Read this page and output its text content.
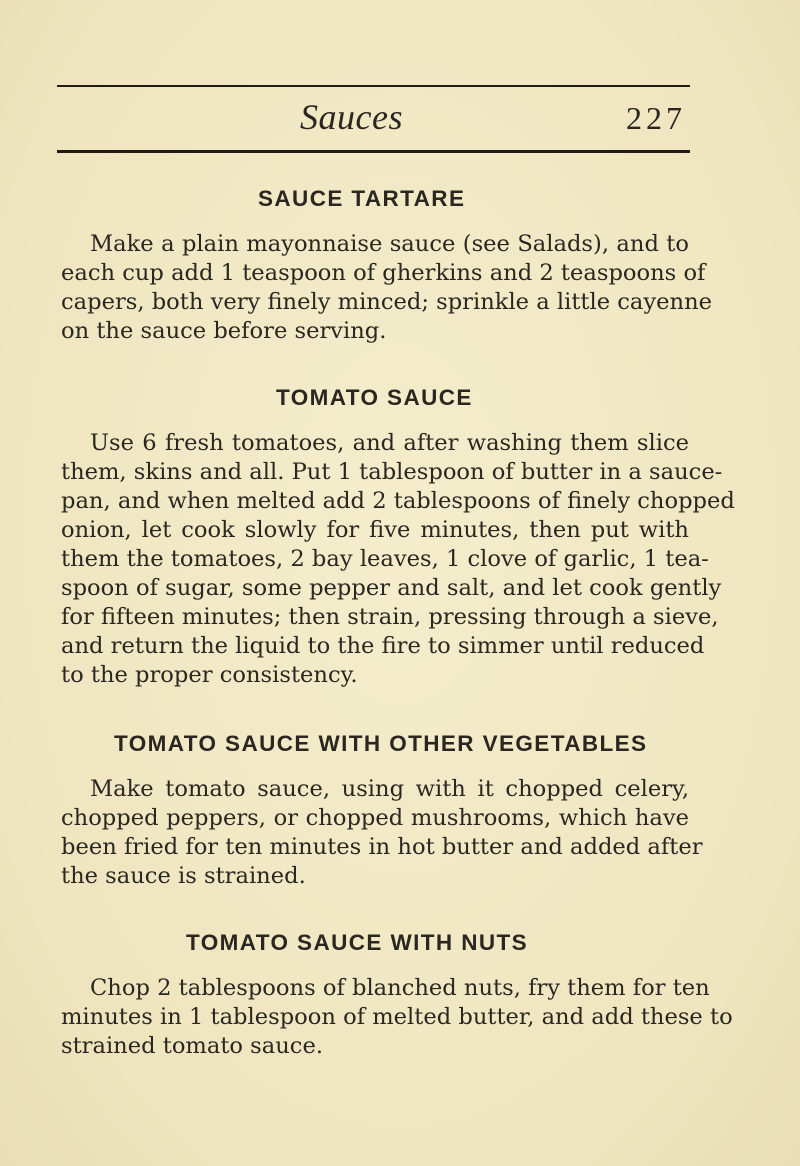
Sauces	227
SAUCE TARTARE
Make a plain mayonnaise sauce (see Salads), and to
each cup add 1 teaspoon of gherkins and 2 teaspoons of
capers, both very finely minced; sprinkle a little cayenne
on the sauce before serving.
TOMATO SAUCE
Use 6 fresh tomatoes, and after washing them slice
them, skins and all. Put 1 tablespoon of butter in a sauce-
pan, and when melted add 2 tablespoons of finely chopped
onion, let cook slowly for five minutes, then put with
them the tomatoes, 2 bay leaves, 1 clove of garlic, 1 tea-
spoon of sugar, some pepper and salt, and let cook gently
for fifteen minutes; then strain, pressing through a sieve,
and return the liquid to the fire to simmer until reduced
to the proper consistency.
TOMATO SAUCE WITH OTHER VEGETABLES
Make tomato sauce, using with it chopped celery,
chopped peppers, or chopped mushrooms, which have
been fried for ten minutes in hot butter and added after
the sauce is strained.
TOMATO SAUCE WITH NUTS
Chop 2 tablespoons of blanched nuts, fry them for ten
minutes in 1 tablespoon of melted butter, and add these to
strained tomato sauce.
